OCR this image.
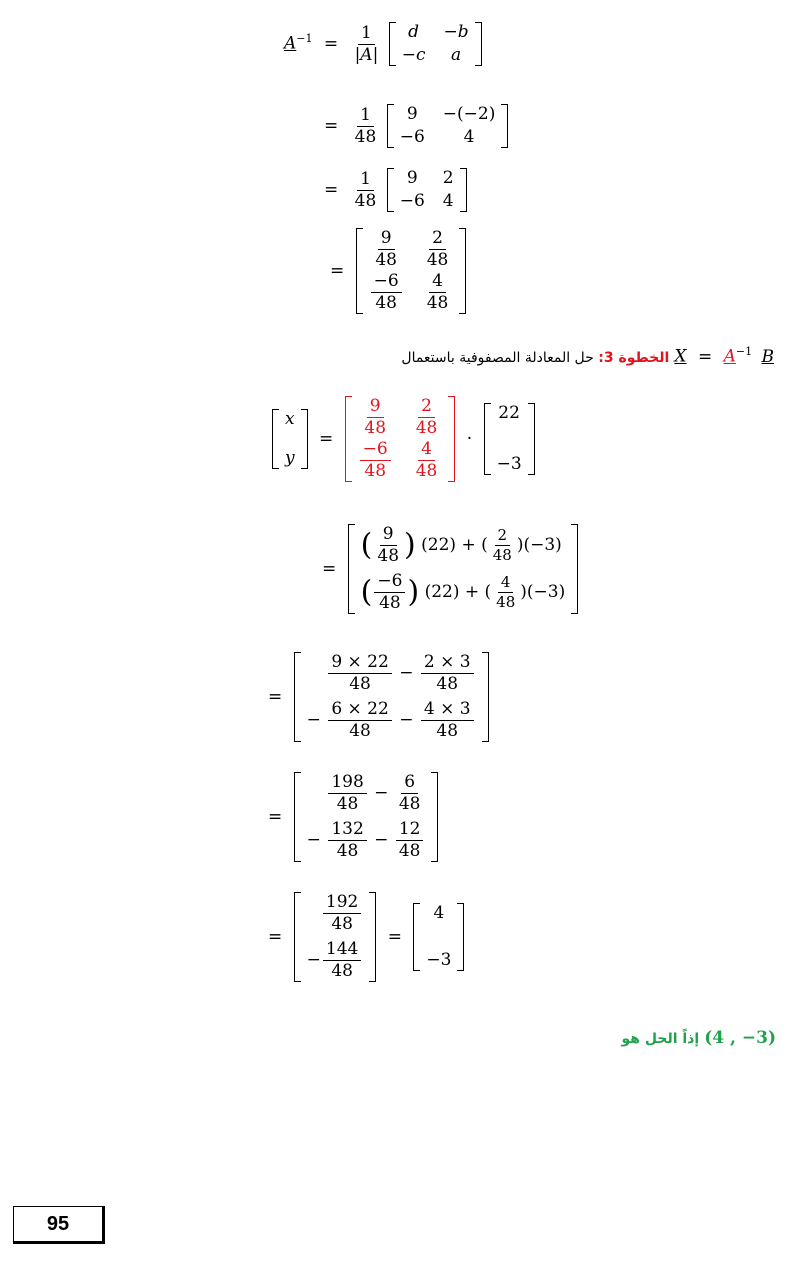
$A^{-1} = \frac{1}{|A|}$
d −b
−c a
= $\frac{1}{48}$
9 −(−2)
−6 4
= $\frac{1}{48}$
9 2
−6 4
=
$\frac{9}{48} \frac{2}{48}$
$\frac{-6}{48} \frac{4}{48}$
الخطوة 3: حل المعادلة المصفوفية باستعمال	$X = A^{-1}$ B
x
y
=
$\frac{9}{48} \frac{2}{48}$
$\frac{-6}{48} \frac{4}{48}$
·
22
−3
=
( $\frac{9}{48}$ ) (22) + ( $\frac{2}{48} )(-3)$
( $\frac{-6}{48}$ ) (22) + ( $\frac{4}{48} )(-3)$
=
$\frac{9 \times 22}{48} - \frac{2 \times 3}{48}$
− $\frac{6 \times 22}{48} - \frac{4 \times 3}{48}$
=
$\frac{198}{48} - \frac{6}{48}$
− $\frac{132}{48} - \frac{12}{48}$
=
$\frac{192}{48}$
− $\frac{144}{48}$
=
4
−3
إذاً الحل هو (4 , −3)
95
